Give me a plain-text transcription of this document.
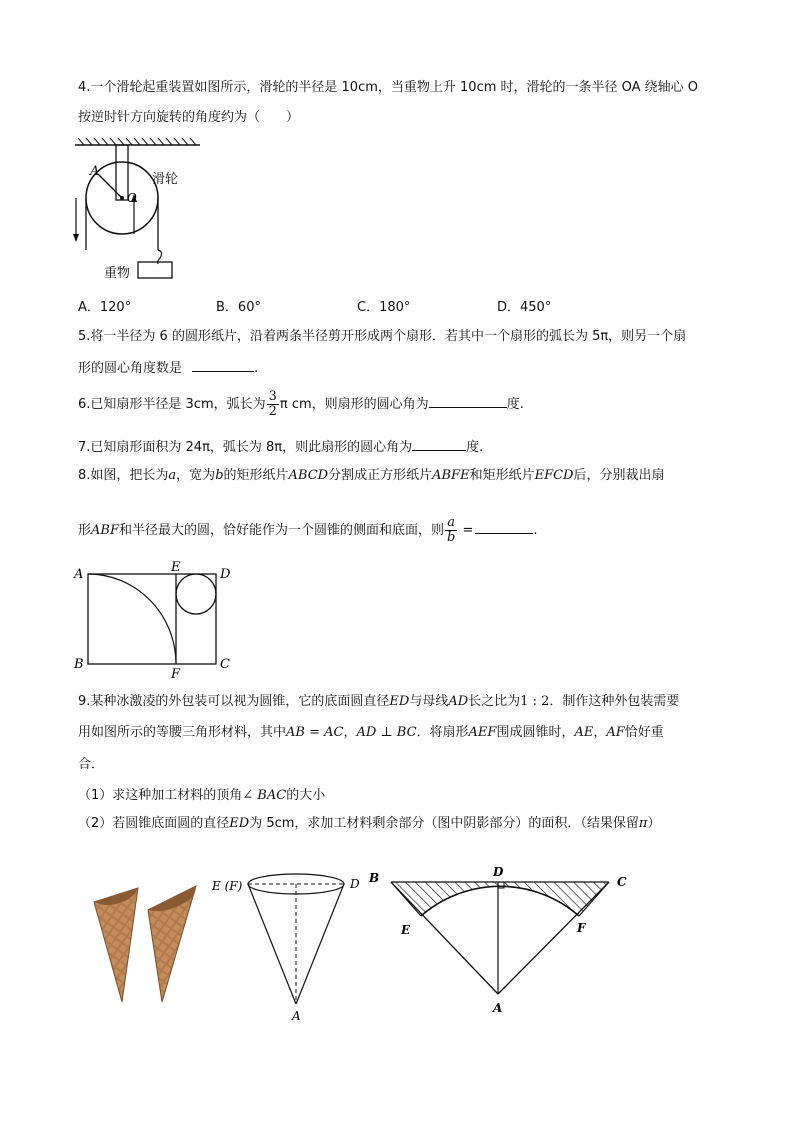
4.一个滑轮起重装置如图所示，滑轮的半径是 10cm，当重物上升 10cm 时，滑轮的一条半径 OA 绕轴心 O
按逆时针方向旋转的角度约为（　　）
A
O
滑轮
重物
A．120°	B．60°	C．180°	D．450°
5.将一半径为 6 的圆形纸片，沿着两条半径剪开形成两个扇形．若其中一个扇形的弧长为 5π，则另一个扇
形的圆心角度数是	.
6.已知扇形半径是 3cm，弧长为 $\frac{3}{2}$ π cm，则扇形的圆心角为	度.
7.已知扇形面积为 24π，弧长为 8π，则此扇形的圆心角为	度.
8.如图，把长为a，宽为b的矩形纸片ABCD分割成正方形纸片ABFE和矩形纸片EFCD后，分别裁出扇
形ABF和半径最大的圆，恰好能作为一个圆锥的侧面和底面，则 $\frac{a}{b}$ =	.
A	E	D
B
F
C
9.某种冰激凌的外包装可以视为圆锥，它的底面圆直径ED与母线AD长之比为1 : 2．制作这种外包装需要
用如图所示的等腰三角形材料，其中AB = AC，AD ⊥ BC．将扇形AEF围成圆锥时，AE，AF恰好重
合．
（1）求这种加工材料的顶角∠ BAC的大小
（2）若圆锥底面圆的直径ED为 5cm，求加工材料剩余部分（图中阴影部分）的面积．（结果保留π）
E (F)	D
A
B	D
C
E	F
A
